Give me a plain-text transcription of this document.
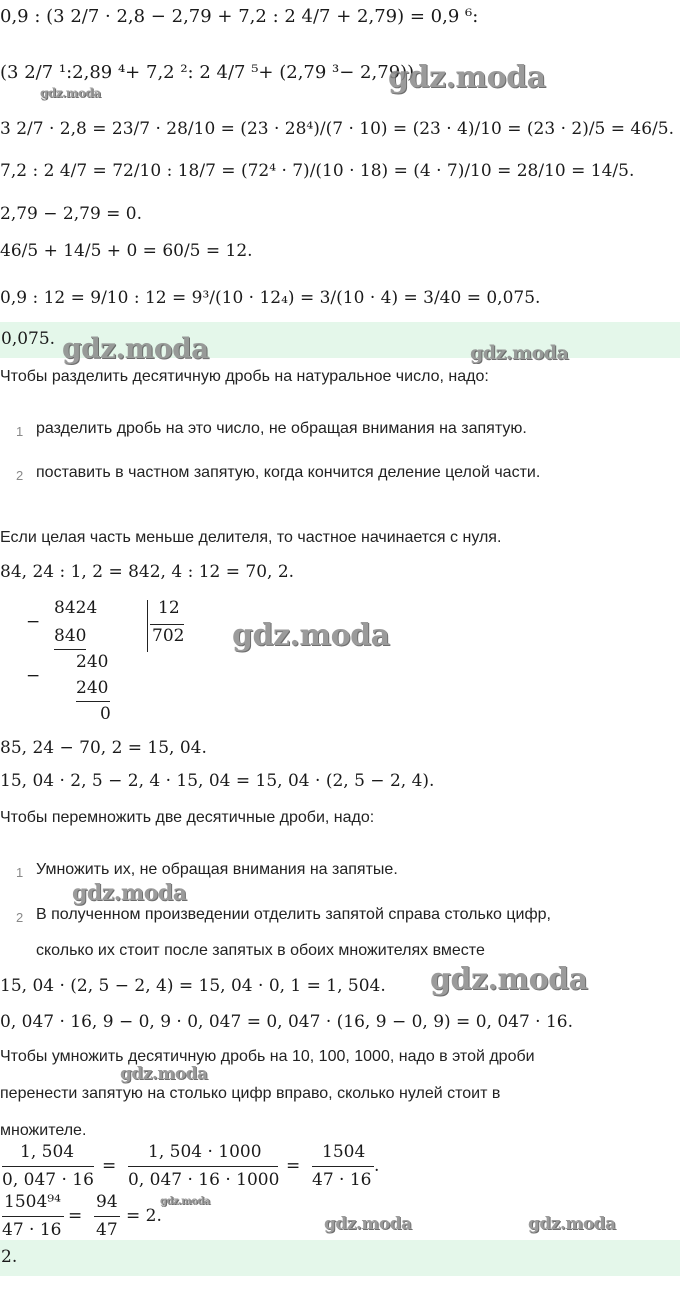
0,9 : (3 2/7 · 2,8 − 2,79 + 7,2 : 2 4/7 + 2,79) = 0,9 ⁶:
(3 2/7 ¹:2,89 ⁴+ 7,2 ²: 2 4/7 ⁵+ (2,79 ³− 2,79))
3 2/7 · 2,8 = 23/7 · 28/10 = (23 · 28⁴)/(7 · 10) = (23 · 4)/10 = (23 · 2)/5 = 46/5.
7,2 : 2 4/7 = 72/10 : 18/7 = (72⁴ · 7)/(10 · 18) = (4 · 7)/10 = 28/10 = 14/5.
2,79 − 2,79 = 0.
46/5 + 14/5 + 0 = 60/5 = 12.
0,9 : 12 = 9/10 : 12 = 9³/(10 · 12₄) = 3/(10 · 4) = 3/40 = 0,075.
0,075.
Чтобы разделить десятичную дробь на натуральное число, надо:
1 разделить дробь на это число, не обращая внимания на запятую.
2 поставить в частном запятую, когда кончится деление целой части.
Если целая часть меньше делителя, то частное начинается с нуля.
84, 24 : 1, 2 = 842, 4 : 12 = 70, 2.
−
8424
840
−
240
240
0
12
702
85, 24 − 70, 2 = 15, 04.
15, 04 · 2, 5 − 2, 4 · 15, 04 = 15, 04 · (2, 5 − 2, 4).
Чтобы перемножить две десятичные дроби, надо:
1 Умножить их, не обращая внимания на запятые.
2 В полученном произведении отделить запятой справа столько цифр,
сколько их стоит после запятых в обоих множителях вместе
15, 04 · (2, 5 − 2, 4) = 15, 04 · 0, 1 = 1, 504.
0, 047 · 16, 9 − 0, 9 · 0, 047 = 0, 047 · (16, 9 − 0, 9) = 0, 047 · 16.
Чтобы умножить десятичную дробь на 10, 100, 1000, надо в этой дроби
перенести запятую на столько цифр вправо, сколько нулей стоит в
множителе.
1, 504
0, 047 · 16
=
1, 504 · 1000
0, 047 · 16 · 1000
=
1504
47 · 16
.
1504⁹⁴
47 · 16
=
94
47
= 2.
2.
gdz.moda
gdz.moda
gdz.moda	gdz.moda
gdz.moda
gdz.moda
gdz.moda
gdz.moda
gdz.moda
gdz.moda	gdz.moda
